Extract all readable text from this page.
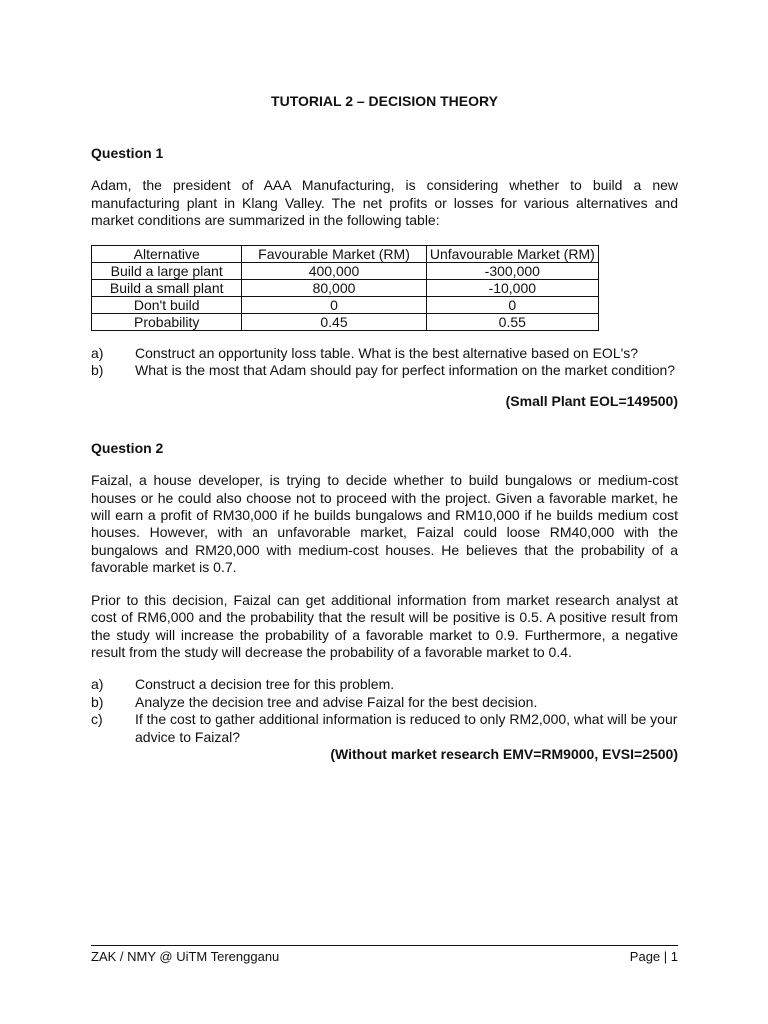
TUTORIAL 2 – DECISION THEORY
Question 1

Adam, the president of AAA Manufacturing, is considering whether to build a new manufacturing plant in Klang Valley. The net profits or losses for various alternatives and market conditions are summarized in the following table:

Alternative	Favourable Market (RM)	Unfavourable Market (RM)
Build a large plant	400,000	-300,000
Build a small plant	80,000	-10,000
Don't build	0	0
Probability	0.45	0.55
a)	Construct an opportunity loss table. What is the best alternative based on EOL's?
b)	What is the most that Adam should pay for perfect information on the market condition?

(Small Plant EOL=149500)

Question 2

Faizal, a house developer, is trying to decide whether to build bungalows or medium-cost houses or he could also choose not to proceed with the project. Given a favorable market, he will earn a profit of RM30,000 if he builds bungalows and RM10,000 if he builds medium cost houses. However, with an unfavorable market, Faizal could loose RM40,000 with the bungalows and RM20,000 with medium-cost houses. He believes that the probability of a favorable market is 0.7.

Prior to this decision, Faizal can get additional information from market research analyst at cost of RM6,000 and the probability that the result will be positive is 0.5. A positive result from the study will increase the probability of a favorable market to 0.9. Furthermore, a negative result from the study will decrease the probability of a favorable market to 0.4.

a)	Construct a decision tree for this problem.
b)	Analyze the decision tree and advise Faizal for the best decision.
c)	If the cost to gather additional information is reduced to only RM2,000, what will be your advice to Faizal?

(Without market research EMV=RM9000, EVSI=2500)

ZAK / NMY @ UiTM Terengganu	Page | 1
